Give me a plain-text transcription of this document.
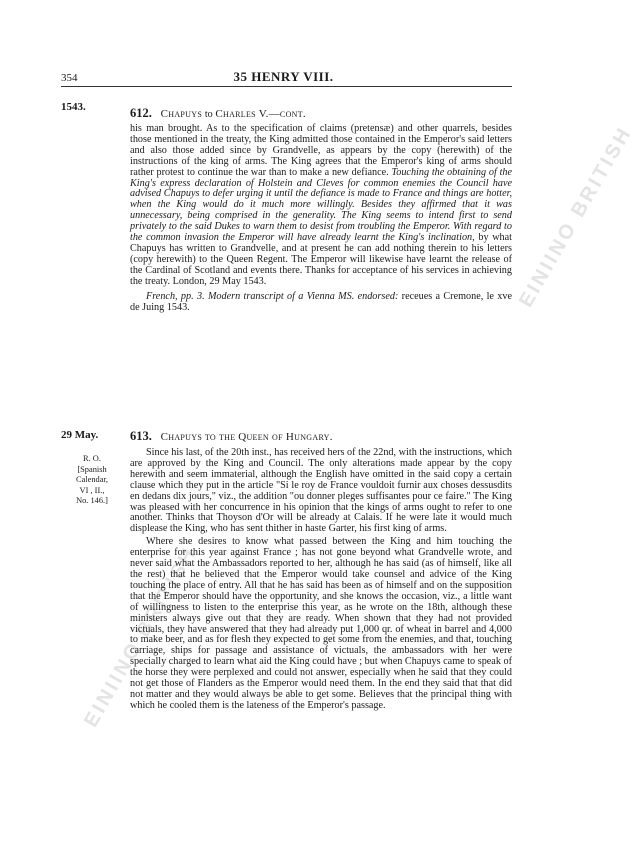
EINIINO BRITISH
EINIINO BRITISH
354	35 HENRY VIII.
1543.	612. Chapuys to Charles V.—cont.

his man brought. As to the specification of claims (pretensæ) and other quarrels, besides those mentioned in the treaty, the King admitted those contained in the Emperor's said letters and also those added since by Grandvelle, as appears by the copy (herewith) of the instructions of the king of arms. The King agrees that the Emperor's king of arms should rather protest to continue the war than to make a new defiance. Touching the obtaining of the King's express declaration of Holstein and Cleves for common enemies the Council have advised Chapuys to defer urging it until the defiance is made to France and things are hotter, when the King would do it much more willingly. Besides they affirmed that it was unnecessary, being comprised in the generality. The King seems to intend first to send privately to the said Dukes to warn them to desist from troubling the Emperor. With regard to the common invasion the Emperor will have already learnt the King's inclination, by what Chapuys has written to Grandvelle, and at present he can add nothing therein to his letters (copy herewith) to the Queen Regent. The Emperor will likewise have learnt the release of the Cardinal of Scotland and events there. Thanks for acceptance of his services in achieving the treaty. London, 29 May 1543.

French, pp. 3. Modern transcript of a Vienna MS. endorsed: receues a Cremone, le xve de Juing 1543.

29 May.
R. O.
[Spanish
Calendar,
VI , II.,
No. 146.]
613. Chapuys to the Queen of Hungary.

Since his last, of the 20th inst., has received hers of the 22nd, with the instructions, which are approved by the King and Council. The only alterations made appear by the copy herewith and seem immaterial, although the English have omitted in the said copy a certain clause which they put in the article "Si le roy de France vouldoit furnir aux choses dessusdits en dedans dix jours," viz., the addition "ou donner pleges suffisantes pour ce faire." The King was pleased with her concurrence in his opinion that the kings of arms ought to refer to one another. Thinks that Thoyson d'Or will be already at Calais. If he were late it would much displease the King, who has sent thither in haste Garter, his first king of arms.

Where she desires to know what passed between the King and him touching the enterprise for this year against France ; has not gone beyond what Grandvelle wrote, and never said what the Ambassadors reported to her, although he has said (as of himself, like all the rest) that he believed that the Emperor would take counsel and advice of the King touching the place of entry. All that he has said has been as of himself and on the supposition that the Emperor should have the opportunity, and she knows the occasion, viz., a little want of willingness to listen to the enterprise this year, as he wrote on the 18th, although these ministers always give out that they are ready. When shown that they had not provided victuals, they have answered that they had already put 1,000 qr. of wheat in barrel and 4,000 to make beer, and as for flesh they expected to get some from the enemies, and that, touching carriage, ships for passage and assistance of victuals, the ambassadors with her were specially charged to learn what aid the King could have ; but when Chapuys came to speak of the horse they were perplexed and could not answer, especially when he said that they could not get those of Flanders as the Emperor would need them. In the end they said that that did not matter and they would always be able to get some. Believes that the principal thing with which he cooled them is the lateness of the Emperor's passage.
